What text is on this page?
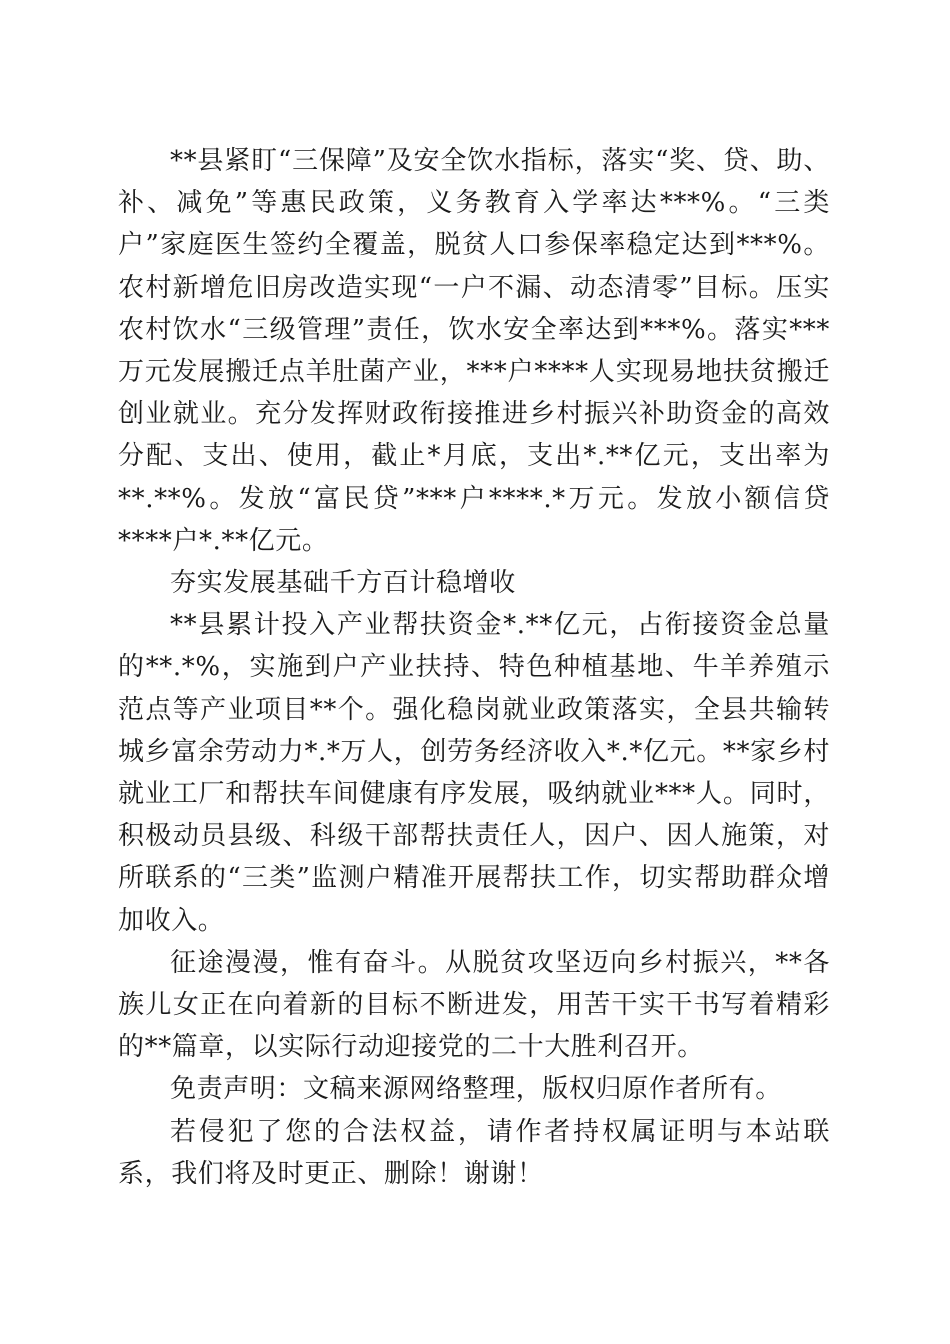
**县紧盯“三保障”及安全饮水指标，落实“奖、贷、助、补、减免”等惠民政策，义务教育入学率达***%。“三类户”家庭医生签约全覆盖，脱贫人口参保率稳定达到***%。农村新增危旧房改造实现“一户不漏、动态清零”目标。压实农村饮水“三级管理”责任，饮水安全率达到***%。落实***万元发展搬迁点羊肚菌产业，***户****人实现易地扶贫搬迁创业就业。充分发挥财政衔接推进乡村振兴补助资金的高效分配、支出、使用，截止*月底，支出*.**亿元，支出率为**.**%。发放“富民贷”***户****.*万元。发放小额信贷****户*.**亿元。

夯实发展基础千方百计稳增收

**县累计投入产业帮扶资金*.**亿元，占衔接资金总量的**.*%，实施到户产业扶持、特色种植基地、牛羊养殖示范点等产业项目**个。强化稳岗就业政策落实，全县共输转城乡富余劳动力*.*万人，创劳务经济收入*.*亿元。**家乡村就业工厂和帮扶车间健康有序发展，吸纳就业***人。同时，积极动员县级、科级干部帮扶责任人，因户、因人施策，对所联系的“三类”监测户精准开展帮扶工作，切实帮助群众增加收入。

征途漫漫，惟有奋斗。从脱贫攻坚迈向乡村振兴，**各族儿女正在向着新的目标不断进发，用苦干实干书写着精彩的**篇章，以实际行动迎接党的二十大胜利召开。

免责声明：文稿来源网络整理，版权归原作者所有。

若侵犯了您的合法权益，请作者持权属证明与本站联系，我们将及时更正、删除！谢谢！
